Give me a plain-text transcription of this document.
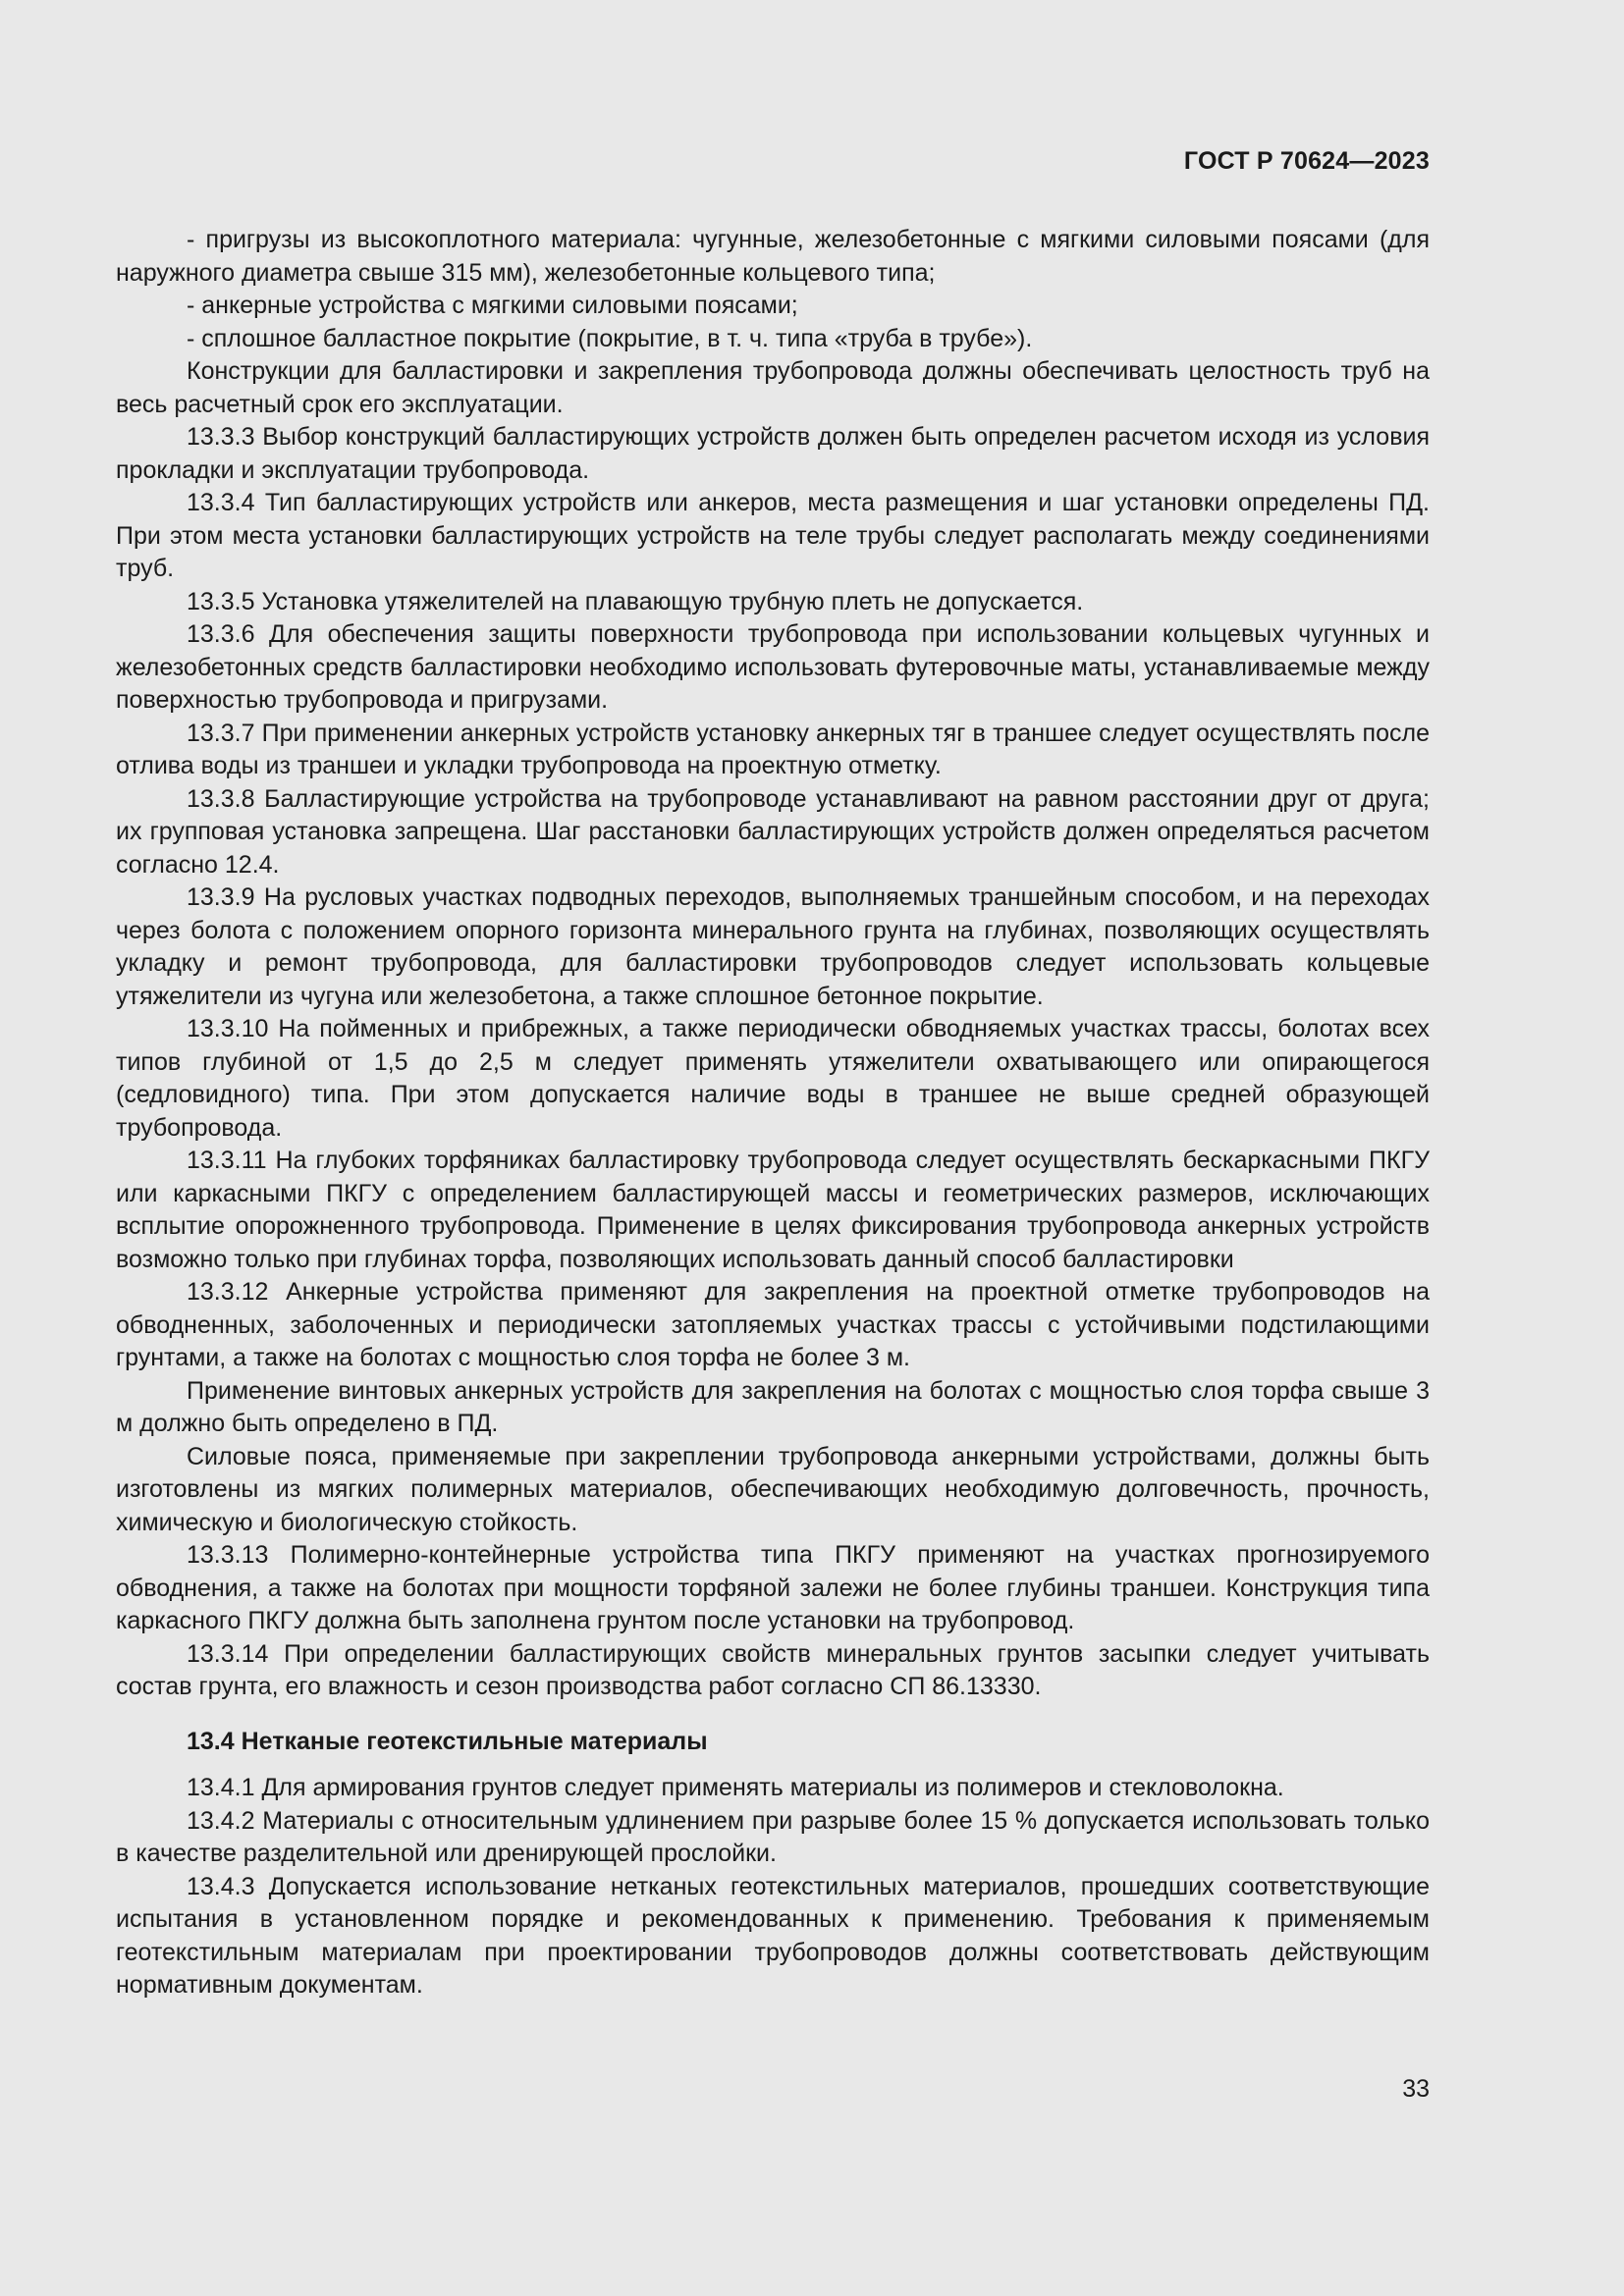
ГОСТ Р 70624—2023

- пригрузы из высокоплотного материала: чугунные, железобетонные с мягкими силовыми поясами (для наружного диаметра свыше 315 мм), железобетонные кольцевого типа;

- анкерные устройства с мягкими силовыми поясами;

- сплошное балластное покрытие (покрытие, в т. ч. типа «труба в трубе»).

Конструкции для балластировки и закрепления трубопровода должны обеспечивать целостность труб на весь расчетный срок его эксплуатации.

13.3.3 Выбор конструкций балластирующих устройств должен быть определен расчетом исходя из условия прокладки и эксплуатации трубопровода.

13.3.4 Тип балластирующих устройств или анкеров, места размещения и шаг установки определены ПД. При этом места установки балластирующих устройств на теле трубы следует располагать между соединениями труб.

13.3.5 Установка утяжелителей на плавающую трубную плеть не допускается.

13.3.6 Для обеспечения защиты поверхности трубопровода при использовании кольцевых чугунных и железобетонных средств балластировки необходимо использовать футеровочные маты, устанавливаемые между поверхностью трубопровода и пригрузами.

13.3.7 При применении анкерных устройств установку анкерных тяг в траншее следует осуществлять после отлива воды из траншеи и укладки трубопровода на проектную отметку.

13.3.8 Балластирующие устройства на трубопроводе устанавливают на равном расстоянии друг от друга; их групповая установка запрещена. Шаг расстановки балластирующих устройств должен определяться расчетом согласно 12.4.

13.3.9 На русловых участках подводных переходов, выполняемых траншейным способом, и на переходах через болота с положением опорного горизонта минерального грунта на глубинах, позволяющих осуществлять укладку и ремонт трубопровода, для балластировки трубопроводов следует использовать кольцевые утяжелители из чугуна или железобетона, а также сплошное бетонное покрытие.

13.3.10 На пойменных и прибрежных, а также периодически обводняемых участках трассы, болотах всех типов глубиной от 1,5 до 2,5 м следует применять утяжелители охватывающего или опирающегося (седловидного) типа. При этом допускается наличие воды в траншее не выше средней образующей трубопровода.

13.3.11 На глубоких торфяниках балластировку трубопровода следует осуществлять бескаркасными ПКГУ или каркасными ПКГУ с определением балластирующей массы и геометрических размеров, исключающих всплытие опорожненного трубопровода. Применение в целях фиксирования трубопровода анкерных устройств возможно только при глубинах торфа, позволяющих использовать данный способ балластировки

13.3.12 Анкерные устройства применяют для закрепления на проектной отметке трубопроводов на обводненных, заболоченных и периодически затопляемых участках трассы с устойчивыми подстилающими грунтами, а также на болотах с мощностью слоя торфа не более 3 м.

Применение винтовых анкерных устройств для закрепления на болотах с мощностью слоя торфа свыше 3 м должно быть определено в ПД.

Силовые пояса, применяемые при закреплении трубопровода анкерными устройствами, должны быть изготовлены из мягких полимерных материалов, обеспечивающих необходимую долговечность, прочность, химическую и биологическую стойкость.

13.3.13 Полимерно-контейнерные устройства типа ПКГУ применяют на участках прогнозируемого обводнения, а также на болотах при мощности торфяной залежи не более глубины траншеи. Конструкция типа каркасного ПКГУ должна быть заполнена грунтом после установки на трубопровод.

13.3.14 При определении балластирующих свойств минеральных грунтов засыпки следует учитывать состав грунта, его влажность и сезон производства работ согласно СП 86.13330.

13.4 Нетканые геотекстильные материалы

13.4.1 Для армирования грунтов следует применять материалы из полимеров и стекловолокна.

13.4.2 Материалы с относительным удлинением при разрыве более 15 % допускается использовать только в качестве разделительной или дренирующей прослойки.

13.4.3 Допускается использование нетканых геотекстильных материалов, прошедших соответствующие испытания в установленном порядке и рекомендованных к применению. Требования к применяемым геотекстильным материалам при проектировании трубопроводов должны соответствовать действующим нормативным документам.

33
